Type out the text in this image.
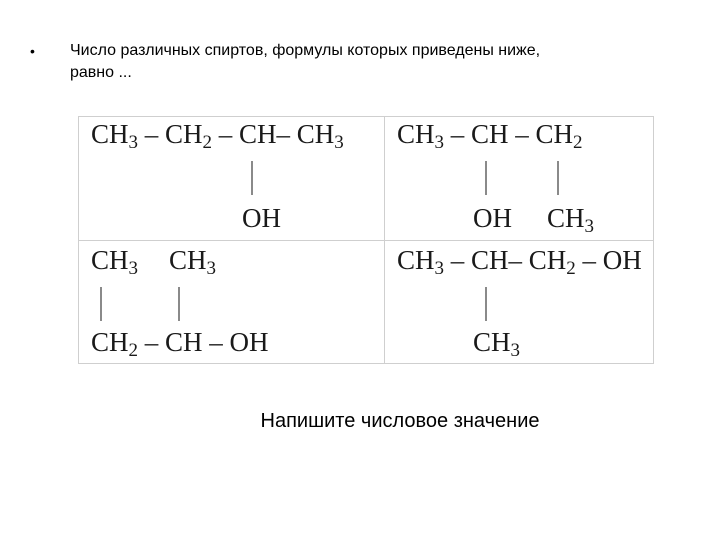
• Число различных спиртов, формулы которых приведены ниже,
равно ...
$CH_3 - CH_2 - CH-$ $CH_3$
OH
$CH_3$ – CH – $CH_2$
OH $CH_3$
$CH_3$ $CH_3$
$CH_2$ – CH – OH
$CH_3 - CH-$ $CH_2$ – OH
$CH_3$
Напишите числовое значение
